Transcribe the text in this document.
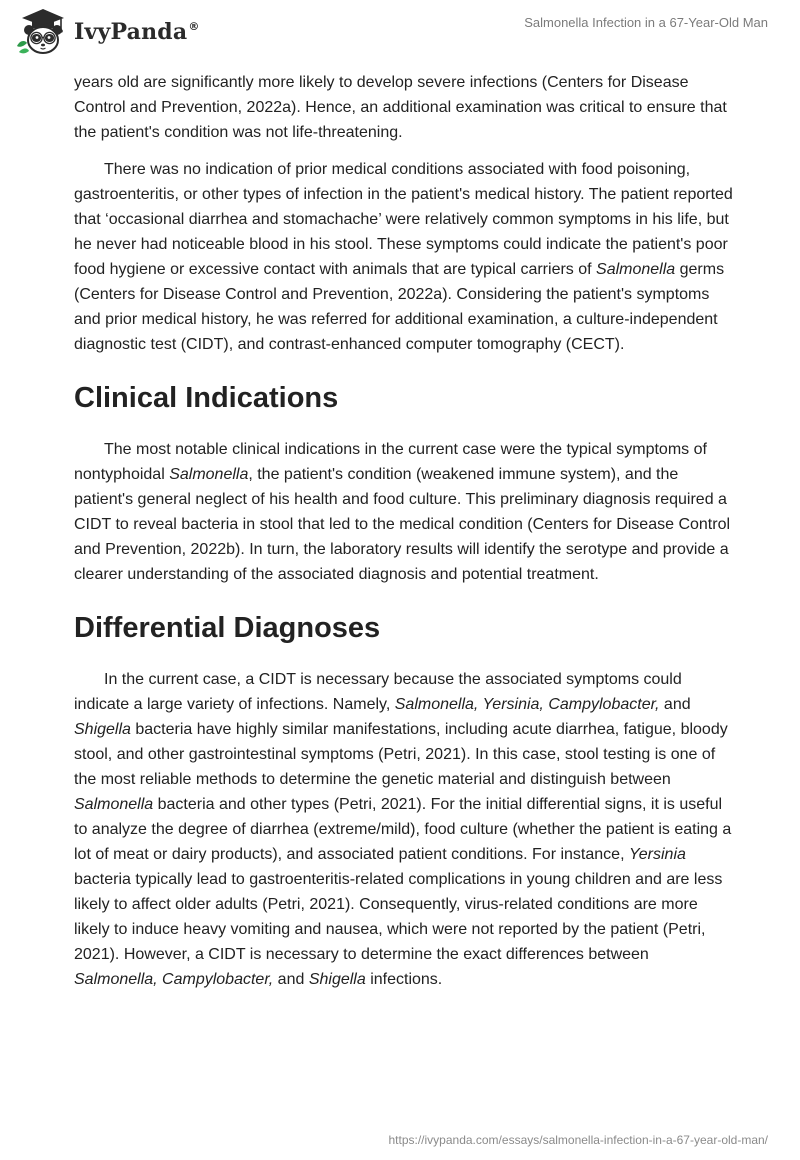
IvyPanda®	Salmonella Infection in a 67-Year-Old Man

years old are significantly more likely to develop severe infections (Centers for Disease Control and Prevention, 2022a). Hence, an additional examination was critical to ensure that the patient's condition was not life-threatening.

There was no indication of prior medical conditions associated with food poisoning, gastroenteritis, or other types of infection in the patient's medical history. The patient reported that ‘occasional diarrhea and stomachache’ were relatively common symptoms in his life, but he never had noticeable blood in his stool. These symptoms could indicate the patient's poor food hygiene or excessive contact with animals that are typical carriers of Salmonella germs (Centers for Disease Control and Prevention, 2022a). Considering the patient's symptoms and prior medical history, he was referred for additional examination, a culture-independent diagnostic test (CIDT), and contrast-enhanced computer tomography (CECT).

Clinical Indications

The most notable clinical indications in the current case were the typical symptoms of nontyphoidal Salmonella, the patient's condition (weakened immune system), and the patient's general neglect of his health and food culture. This preliminary diagnosis required a CIDT to reveal bacteria in stool that led to the medical condition (Centers for Disease Control and Prevention, 2022b). In turn, the laboratory results will identify the serotype and provide a clearer understanding of the associated diagnosis and potential treatment.

Differential Diagnoses

In the current case, a CIDT is necessary because the associated symptoms could indicate a large variety of infections. Namely, Salmonella, Yersinia, Campylobacter, and Shigella bacteria have highly similar manifestations, including acute diarrhea, fatigue, bloody stool, and other gastrointestinal symptoms (Petri, 2021). In this case, stool testing is one of the most reliable methods to determine the genetic material and distinguish between Salmonella bacteria and other types (Petri, 2021). For the initial differential signs, it is useful to analyze the degree of diarrhea (extreme/mild), food culture (whether the patient is eating a lot of meat or dairy products), and associated patient conditions. For instance, Yersinia bacteria typically lead to gastroenteritis-related complications in young children and are less likely to affect older adults (Petri, 2021). Consequently, virus-related conditions are more likely to induce heavy vomiting and nausea, which were not reported by the patient (Petri, 2021). However, a CIDT is necessary to determine the exact differences between Salmonella, Campylobacter, and Shigella infections.

https://ivypanda.com/essays/salmonella-infection-in-a-67-year-old-man/
